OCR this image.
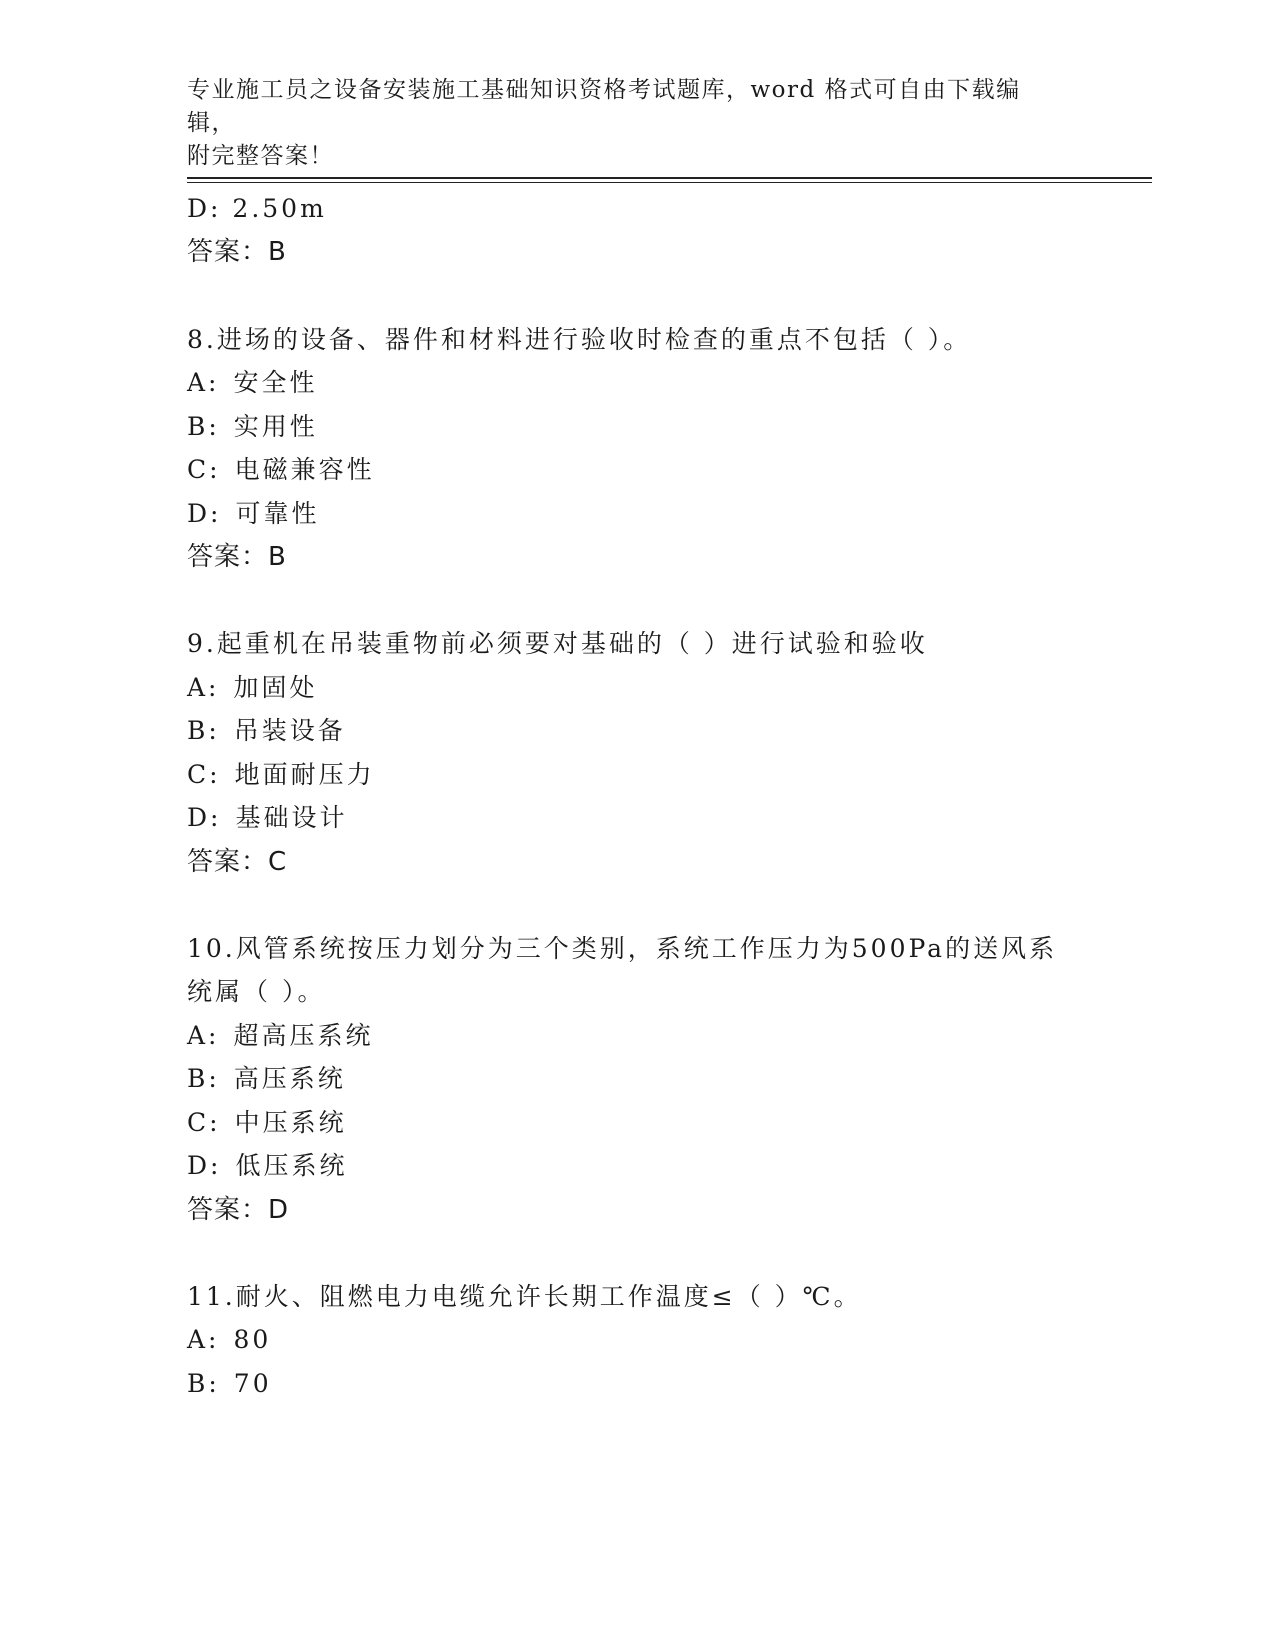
专业施工员之设备安装施工基础知识资格考试题库，word 格式可自由下载编辑，
附完整答案！
D: 2.50m
答案：B
8.进场的设备、器件和材料进行验收时检查的重点不包括（ ）。
A: 安全性
B: 实用性
C: 电磁兼容性
D: 可靠性
答案：B
9.起重机在吊装重物前必须要对基础的（ ）进行试验和验收
A: 加固处
B: 吊装设备
C: 地面耐压力
D: 基础设计
答案：C
10.风管系统按压力划分为三个类别，系统工作压力为500Pa的送风系
统属（ ）。
A: 超高压系统
B: 高压系统
C: 中压系统
D: 低压系统
答案：D
11.耐火、阻燃电力电缆允许长期工作温度≤（ ）℃。
A: 80
B: 70
